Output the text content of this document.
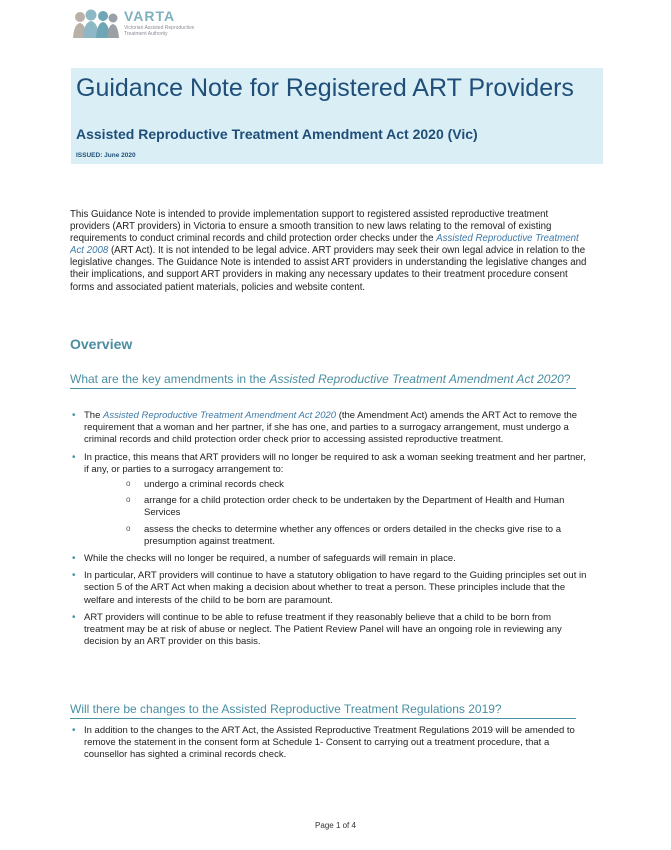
VARTA
Victorian Assisted Reproductive Treatment Authority
Guidance Note for Registered ART Providers
Assisted Reproductive Treatment Amendment Act 2020 (Vic)
ISSUED: June 2020

This Guidance Note is intended to provide implementation support to registered assisted reproductive treatment providers (ART providers) in Victoria to ensure a smooth transition to new laws relating to the removal of existing requirements to conduct criminal records and child protection order checks under the Assisted Reproductive Treatment Act 2008 (ART Act). It is not intended to be legal advice. ART providers may seek their own legal advice in relation to the legislative changes. The Guidance Note is intended to assist ART providers in understanding the legislative changes and their implications, and support ART providers in making any necessary updates to their treatment procedure consent forms and associated patient materials, policies and website content.

Overview
What are the key amendments in the Assisted Reproductive Treatment Amendment Act 2020?
• The Assisted Reproductive Treatment Amendment Act 2020 (the Amendment Act) amends the ART Act to remove the requirement that a woman and her partner, if she has one, and parties to a surrogacy arrangement, must undergo a criminal records and child protection order check prior to accessing assisted reproductive treatment.
• In practice, this means that ART providers will no longer be required to ask a woman seeking treatment and her partner, if any, or parties to a surrogacy arrangement to:
o undergo a criminal records check
o arrange for a child protection order check to be undertaken by the Department of Health and Human Services
o assess the checks to determine whether any offences or orders detailed in the checks give rise to a presumption against treatment.
• While the checks will no longer be required, a number of safeguards will remain in place.
• In particular, ART providers will continue to have a statutory obligation to have regard to the Guiding principles set out in section 5 of the ART Act when making a decision about whether to treat a person. These principles include that the welfare and interests of the child to be born are paramount.
• ART providers will continue to be able to refuse treatment if they reasonably believe that a child to be born from treatment may be at risk of abuse or neglect. The Patient Review Panel will have an ongoing role in reviewing any decision by an ART provider on this basis.
Will there be changes to the Assisted Reproductive Treatment Regulations 2019?
• In addition to the changes to the ART Act, the Assisted Reproductive Treatment Regulations 2019 will be amended to remove the statement in the consent form at Schedule 1- Consent to carrying out a treatment procedure, that a counsellor has sighted a criminal records check.
Page 1 of 4
